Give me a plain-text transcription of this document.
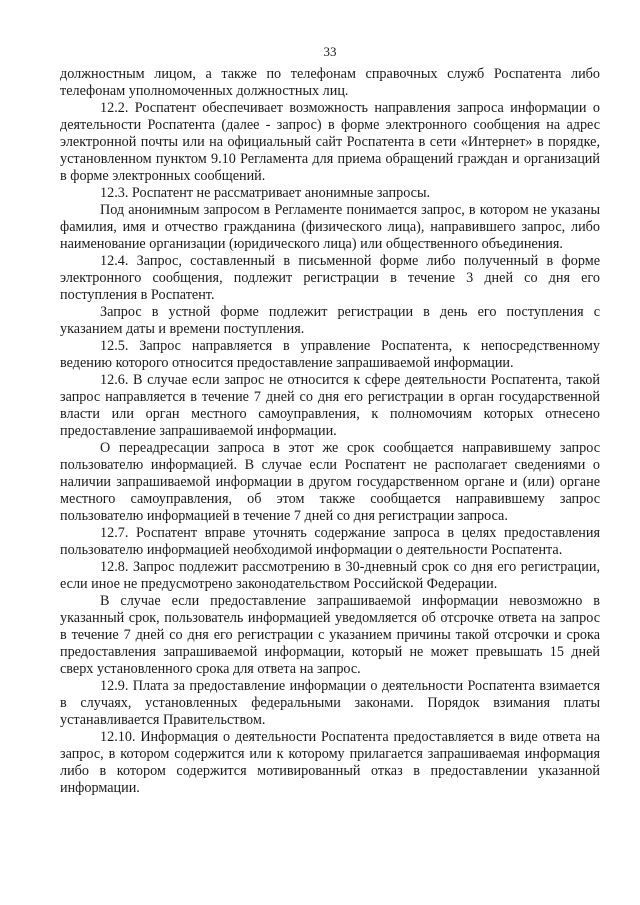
33

должностным лицом, а также по телефонам справочных служб Роспатента либо телефонам уполномоченных должностных лиц.

12.2. Роспатент обеспечивает возможность направления запроса информации о деятельности Роспатента (далее - запрос) в форме электронного сообщения на адрес электронной почты или на официальный сайт Роспатента в сети «Интернет» в порядке, установленном пунктом 9.10 Регламента для приема обращений граждан и организаций в форме электронных сообщений.

12.3. Роспатент не рассматривает анонимные запросы.

Под анонимным запросом в Регламенте понимается запрос, в котором не указаны фамилия, имя и отчество гражданина (физического лица), направившего запрос, либо наименование организации (юридического лица) или общественного объединения.

12.4. Запрос, составленный в письменной форме либо полученный в форме электронного сообщения, подлежит регистрации в течение 3 дней со дня его поступления в Роспатент.

Запрос в устной форме подлежит регистрации в день его поступления с указанием даты и времени поступления.

12.5. Запрос направляется в управление Роспатента, к непосредственному ведению которого относится предоставление запрашиваемой информации.

12.6. В случае если запрос не относится к сфере деятельности Роспатента, такой запрос направляется в течение 7 дней со дня его регистрации в орган государственной власти или орган местного самоуправления, к полномочиям которых отнесено предоставление запрашиваемой информации.

О переадресации запроса в этот же срок сообщается направившему запрос пользователю информацией. В случае если Роспатент не располагает сведениями о наличии запрашиваемой информации в другом государственном органе и (или) органе местного самоуправления, об этом также сообщается направившему запрос пользователю информацией в течение 7 дней со дня регистрации запроса.

12.7. Роспатент вправе уточнять содержание запроса в целях предоставления пользователю информацией необходимой информации о деятельности Роспатента.

12.8. Запрос подлежит рассмотрению в 30-дневный срок со дня его регистрации, если иное не предусмотрено законодательством Российской Федерации.

В случае если предоставление запрашиваемой информации невозможно в указанный срок, пользователь информацией уведомляется об отсрочке ответа на запрос в течение 7 дней со дня его регистрации с указанием причины такой отсрочки и срока предоставления запрашиваемой информации, который не может превышать 15 дней сверх установленного срока для ответа на запрос.

12.9. Плата за предоставление информации о деятельности Роспатента взимается в случаях, установленных федеральными законами. Порядок взимания платы устанавливается Правительством.

12.10. Информация о деятельности Роспатента предоставляется в виде ответа на запрос, в котором содержится или к которому прилагается запрашиваемая информация либо в котором содержится мотивированный отказ в предоставлении указанной информации.
